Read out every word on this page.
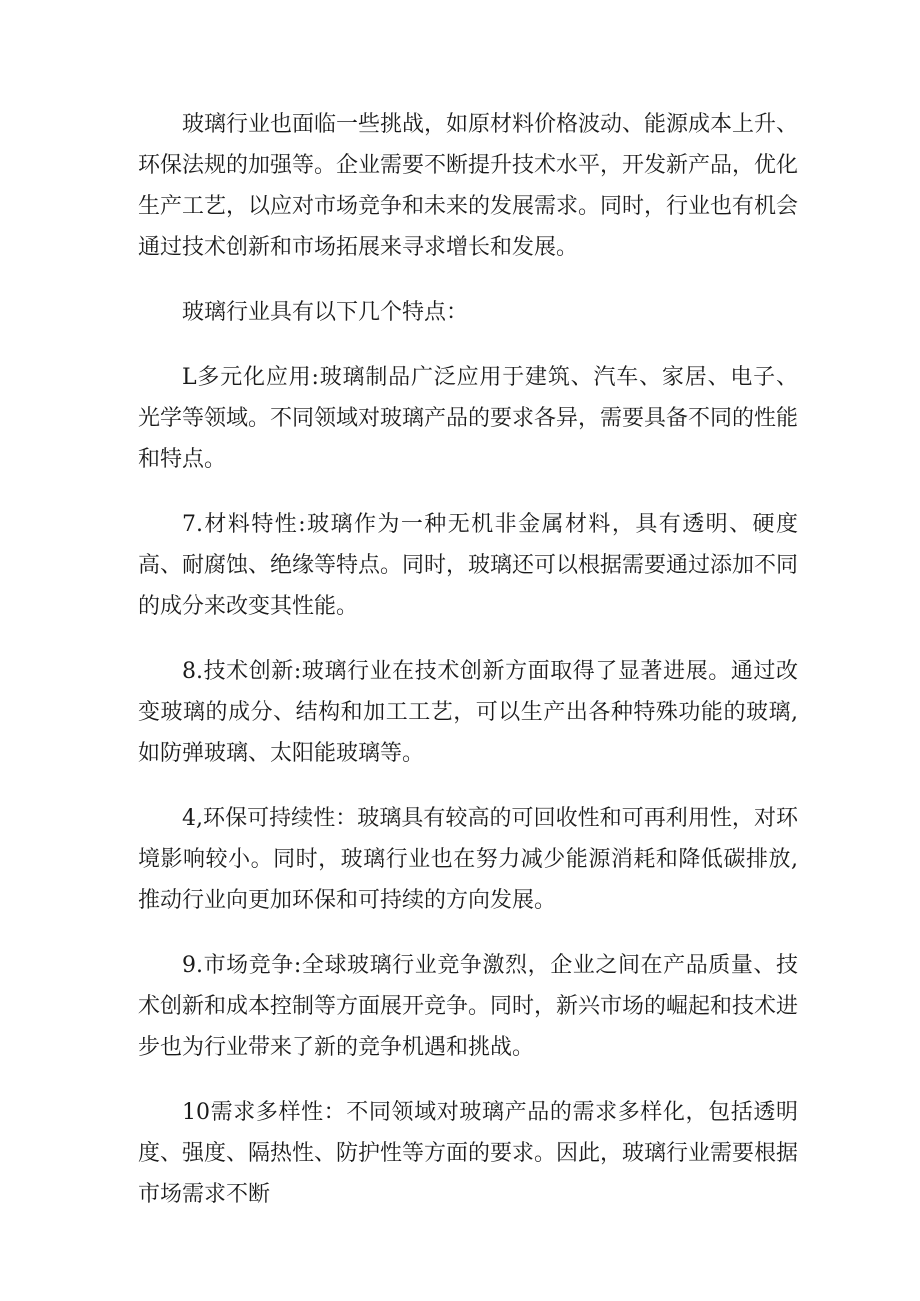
玻璃行业也面临一些挑战，如原材料价格波动、能源成本上升、环保法规的加强等。企业需要不断提升技术水平，开发新产品，优化生产工艺，以应对市场竞争和未来的发展需求。同时，行业也有机会通过技术创新和市场拓展来寻求增长和发展。

玻璃行业具有以下几个特点：

L多元化应用:玻璃制品广泛应用于建筑、汽车、家居、电子、光学等领域。不同领域对玻璃产品的要求各异，需要具备不同的性能和特点。

7.材料特性:玻璃作为一种无机非金属材料，具有透明、硬度高、耐腐蚀、绝缘等特点。同时，玻璃还可以根据需要通过添加不同的成分来改变其性能。

8.技术创新:玻璃行业在技术创新方面取得了显著进展。通过改变玻璃的成分、结构和加工工艺，可以生产出各种特殊功能的玻璃,如防弹玻璃、太阳能玻璃等。

4,环保可持续性：玻璃具有较高的可回收性和可再利用性，对环境影响较小。同时，玻璃行业也在努力减少能源消耗和降低碳排放,推动行业向更加环保和可持续的方向发展。

9.市场竞争:全球玻璃行业竞争激烈，企业之间在产品质量、技术创新和成本控制等方面展开竞争。同时，新兴市场的崛起和技术进步也为行业带来了新的竞争机遇和挑战。

10需求多样性：不同领域对玻璃产品的需求多样化，包括透明度、强度、隔热性、防护性等方面的要求。因此，玻璃行业需要根据市场需求不断
